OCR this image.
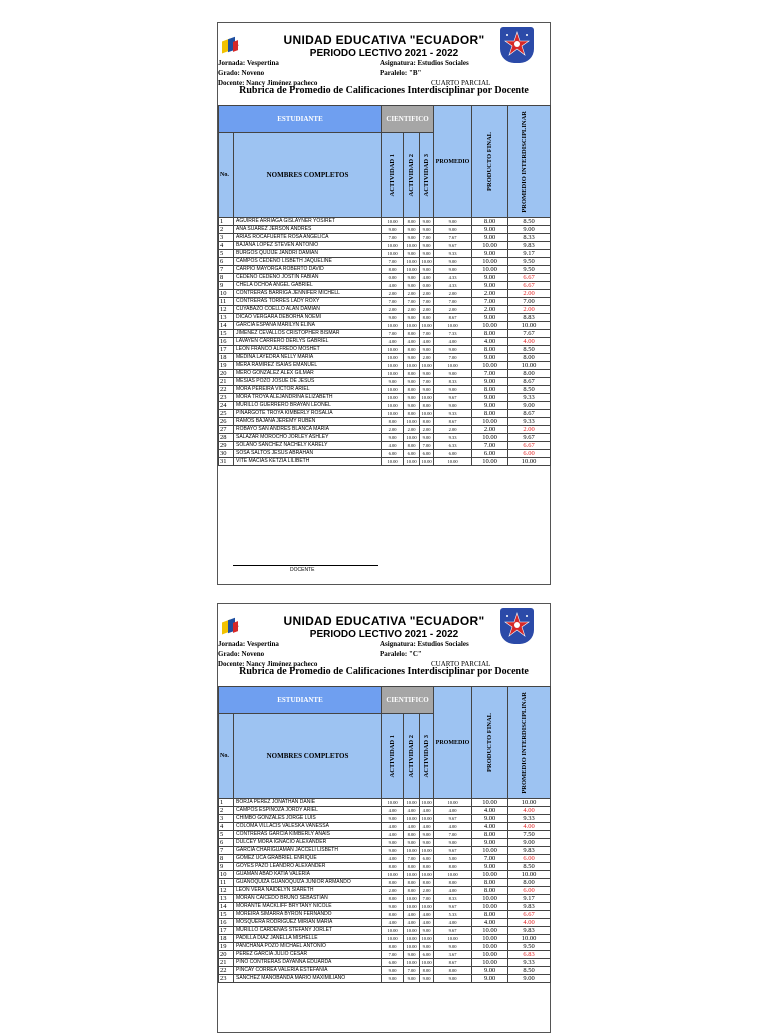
•	UNIDAD EDUCATIVA "ECUADOR"
PERIODO LECTIVO 2021 - 2022
Jornada: Vespertina
Grado: Noveno
Docente: Nancy Jiménez pacheco
Asignatura: Estudios Sociales
Paralelo: "B"
CUARTO PARCIAL
Rubrica de Promedio de Calificaciones Interdisciplinar por Docente
ESTUDIANTE		CIENTIFICO			PROMEDIO	PRODUCTO FINAL	PROMEDIO INTERDISCIPLINAR

No.	NOMBRES COMPLETOS	ACTIVIDAD 1	ACTIVIDAD 2	ACTIVIDAD 3			

1	AGUIRRE ARRIAGA GISLAYNER YOSIRET	10.00	8.00	9.00	9.00	8.00	8.50
2	ANA SUAREZ JERSON ANDRES	9.00	9.00	9.00	9.00	9.00	9.00
3	ARIAS ROCAFUERTE ROSA ANGELICA	7.00	9.00	7.00	7.67	9.00	8.33
4	BAJAÑA LOPEZ STEVEN ANTONIO	10.00	10.00	9.00	9.67	10.00	9.83
5	BURGOS QUIJIJE JANDRI DAMIAN	10.00	9.00	9.00	9.33	9.00	9.17
6	CAMPOS CEDEÑO LISBETH JAQUELINE	7.00	10.00	10.00	9.00	10.00	9.50
7	CARPIO MAYORGA ROBERTO DAVID	8.00	10.00	9.00	9.00	10.00	9.50
8	CEDEÑO CEDEÑO JOSTIN FABIAN	0.00	9.00	4.00	4.33	9.00	6.67
9	CHELA OCHOA ANGEL GABRIEL	4.00	9.00	0.00	4.33	9.00	6.67
10	CONTRERAS BARRIGA JENNIFER MICHELL	2.00	2.00	2.00	2.00	2.00	2.00
11	CONTRERAS TORRES LADY ROXY	7.00	7.00	7.00	7.00	7.00	7.00
12	CUYABAZO COELLO ALAN DAMIAN	2.00	2.00	2.00	2.00	2.00	2.00
13	DICAO VERGARA DEBORHA NOEMI	9.00	9.00	8.00	8.67	9.00	8.83
14	GARCIA ESPAÑA MARILYN ELINA	10.00	10.00	10.00	10.00	10.00	10.00
15	JIMENEZ CEVALLOS CRISTOPHER BISMAR	7.00	8.00	7.00	7.33	8.00	7.67
16	LAVAYEN CARRERO DERLYS GABRIEL	4.00	4.00	4.00	4.00	4.00	4.00
17	LEON FRANCO ALFREDO MOSHET	10.00	8.00	9.00	9.00	8.00	8.50
18	MEDINA LAYEDRA NELLY MARIA	10.00	9.00	2.00	7.00	9.00	8.00
19	MERA RAMIREZ ISAIAS EMANUEL	10.00	10.00	10.00	10.00	10.00	10.00
20	MERO GONZALEZ ALEX GILMAR	10.00	8.00	9.00	9.00	7.00	8.00
21	MESIAS POZO JOSUE DE JESUS	9.00	9.00	7.00	8.33	9.00	8.67
22	MORA PEREIRA VICTOR ARIEL	10.00	8.00	9.00	9.00	8.00	8.50
23	MORA TROYA ALEJANDRINA ELIZABETH	10.00	9.00	10.00	9.67	9.00	9.33
24	MURILLO GUERRERO BRAYAN LEONEL	10.00	9.00	8.00	9.00	9.00	9.00
25	PINARGOTE TROYA KIMBERLY ROSALIA	10.00	8.00	10.00	9.33	8.00	8.67
26	RAMOS BAJAÑA JEREMY RUBEN	8.00	10.00	8.00	8.67	10.00	9.33
27	ROBAYO SAN ANDRES BLANCA MARIA	2.00	2.00	2.00	2.00	2.00	2.00
28	SALAZAR MOROCHO JORLEY ASHLEY	9.00	10.00	9.00	9.33	10.00	9.67
29	SOLANO SANCHEZ NACHELY KARELY	4.00	8.00	7.00	6.33	7.00	6.67
30	SOSA SALTOS JESUS ABRAHAN	6.00	6.00	6.00	6.00	6.00	6.00
31	VITE MACIAS KETZIA LILIBETH	10.00	10.00	10.00	10.00	10.00	10.00
DOCENTE
•	UNIDAD EDUCATIVA "ECUADOR"
PERIODO LECTIVO 2021 - 2022
Jornada: Vespertina
Grado: Noveno
Docente: Nancy Jiménez pacheco
Asignatura: Estudios Sociales
Paralelo: "C"
CUARTO PARCIAL
Rubrica de Promedio de Calificaciones Interdisciplinar por Docente
ESTUDIANTE		CIENTIFICO			PROMEDIO	PRODUCTO FINAL	PROMEDIO INTERDISCIPLINAR

No.	NOMBRES COMPLETOS	ACTIVIDAD 1	ACTIVIDAD 2	ACTIVIDAD 3			

1	BORJA PEREZ JONATHAN DANIE	10.00	10.00	10.00	10.00	10.00	10.00
2	CAMPOS ESPINOZA JORDY ARIEL	4.00	4.00	4.00	4.00	4.00	4.00
3	CHIMBO GONZALES JORGE LUIS	9.00	10.00	10.00	9.67	9.00	9.33
4	COLOMA VILLACIS VALESKA VANESSA	4.00	4.00	4.00	4.00	4.00	4.00
5	CONTRERAS GARCIA KIMBERLY ANAIS	4.00	8.00	9.00	7.00	8.00	7.50
6	DULCEY MORA IGNACIO ALEXANDER	9.00	9.00	9.00	9.00	9.00	9.00
7	GARCIA CHARIGUAMAN JACCELI LISBETH	9.00	10.00	10.00	9.67	10.00	9.83
8	GOMEZ UCA GRABRIEL ENRIQUE	4.00	7.00	6.00	5.00	7.00	6.00
9	GOYES PAZO LEANDRO ALEXANDER	8.00	8.00	8.00	8.00	9.00	8.50
10	GUAMAN ABAD KATIA VALERIA	10.00	10.00	10.00	10.00	10.00	10.00
11	GUANOQUIZA GUANOQUIZA JUNIOR ARMANDO	8.00	8.00	8.00	8.00	8.00	8.00
12	LEON VERA NAIDELYN SIARETH	2.00	8.00	2.00	4.00	8.00	6.00
13	MORAN CAICEDO BRUNO SEBASTIAN	8.00	10.00	7.00	8.33	10.00	9.17
14	MORANTE MACKLIFF BRYTANY NICOLE	9.00	10.00	10.00	9.67	10.00	9.83
15	MOREIRA SIMARRA BYRON FERNANDO	8.00	4.00	4.00	5.33	8.00	6.67
16	MOSQUERA RODRIGUEZ MIRIAN MARIA	4.00	4.00	4.00	4.00	4.00	4.00
17	MURILLO CARDENAS STEFANY JORLET	10.00	10.00	9.00	9.67	10.00	9.83
18	PADILLA DIAZ JANELLA MISHELLE	10.00	10.00	10.00	10.00	10.00	10.00
19	PANCHANA POZO MICHAEL ANTONIO	8.00	10.00	9.00	9.00	10.00	9.50
20	PEREZ GARCIA JULIO CESAR	7.00	9.00	6.00	3.67	10.00	6.83
21	PINO CONTRERAS DAYANNA EDUARDA	6.00	10.00	10.00	8.67	10.00	9.33
22	PINCAY CORREA VALERIA ESTEFANIA	9.00	7.00	8.00	8.00	9.00	8.50
23	SANCHEZ MANOBANDA MARIO MAXIMILIANO	9.00	9.00	9.00	9.00	9.00	9.00
